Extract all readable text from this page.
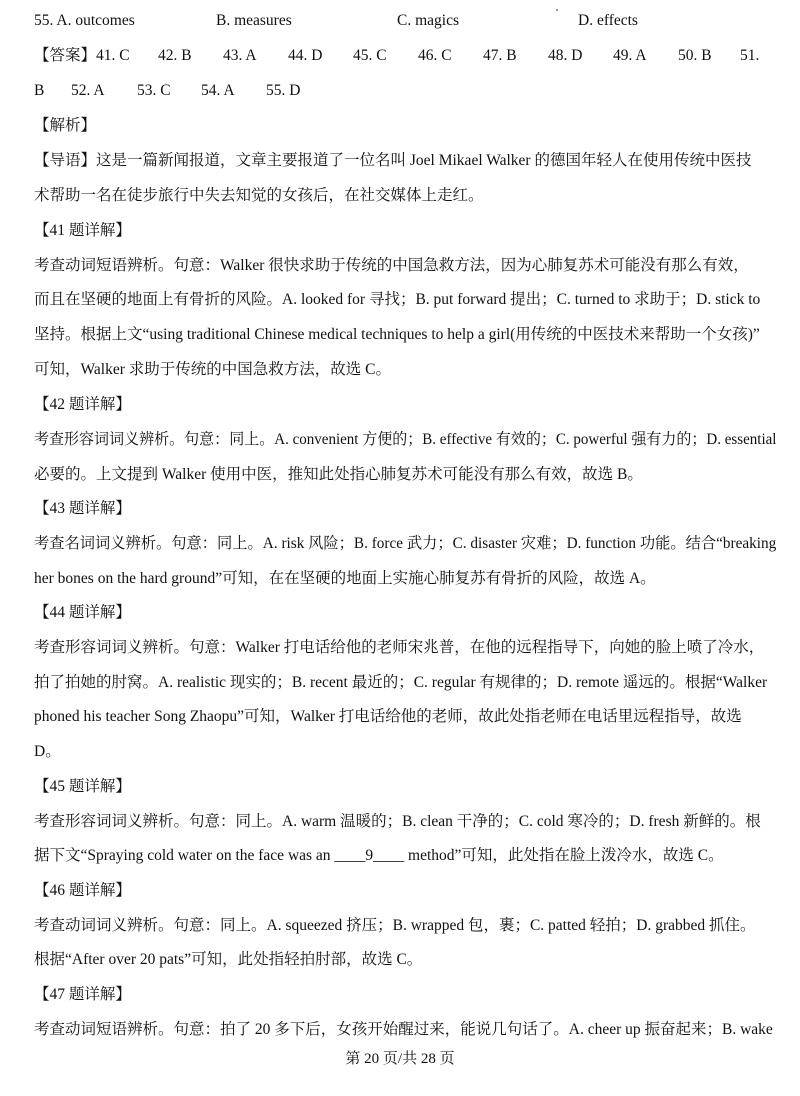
55. A. outcomes	B. measures	C. magics	D. effects
【答案】41. C 42. B 43. A 44. D 45. C 46. C 47. B 48. D 49. A 50. B 51.
B 52. A 53. C 54. A 55. D
【解析】
【导语】这是一篇新闻报道，文章主要报道了一位名叫 Joel Mikael Walker 的德国年轻人在使用传统中医技
术帮助一名在徒步旅行中失去知觉的女孩后，在社交媒体上走红。
【41 题详解】
考查动词短语辨析。句意：Walker 很快求助于传统的中国急救方法，因为心肺复苏术可能没有那么有效，
而且在坚硬的地面上有骨折的风险。A. looked for 寻找；B. put forward 提出；C. turned to 求助于；D. stick to
坚持。根据上文“using traditional Chinese medical techniques to help a girl(用传统的中医技术来帮助一个女孩)”
可知，Walker 求助于传统的中国急救方法，故选 C。
【42 题详解】
考查形容词词义辨析。句意：同上。A. convenient 方便的；B. effective 有效的；C. powerful 强有力的；D. essential
必要的。上文提到 Walker 使用中医，推知此处指心肺复苏术可能没有那么有效，故选 B。
【43 题详解】
考查名词词义辨析。句意：同上。A. risk 风险；B. force 武力；C. disaster 灾难；D. function 功能。结合“breaking
her bones on the hard ground”可知，在在坚硬的地面上实施心肺复苏有骨折的风险，故选 A。
【44 题详解】
考查形容词词义辨析。句意：Walker 打电话给他的老师宋兆普，在他的远程指导下，向她的脸上喷了冷水，
拍了拍她的肘窝。A. realistic 现实的；B. recent 最近的；C. regular 有规律的；D. remote 遥远的。根据“Walker
phoned his teacher Song Zhaopu”可知，Walker 打电话给他的老师，故此处指老师在电话里远程指导，故选
D。
【45 题详解】
考查形容词词义辨析。句意：同上。A. warm 温暖的；B. clean 干净的；C. cold 寒冷的；D. fresh 新鲜的。根
据下文“Spraying cold water on the face was an ____9____ method”可知，此处指在脸上泼冷水，故选 C。
【46 题详解】
考查动词词义辨析。句意：同上。A. squeezed 挤压；B. wrapped 包，裹；C. patted 轻拍；D. grabbed 抓住。
根据“After over 20 pats”可知，此处指轻拍肘部，故选 C。
【47 题详解】
考查动词短语辨析。句意：拍了 20 多下后，女孩开始醒过来，能说几句话了。A. cheer up 振奋起来；B. wake
第 20 页/共 28 页
